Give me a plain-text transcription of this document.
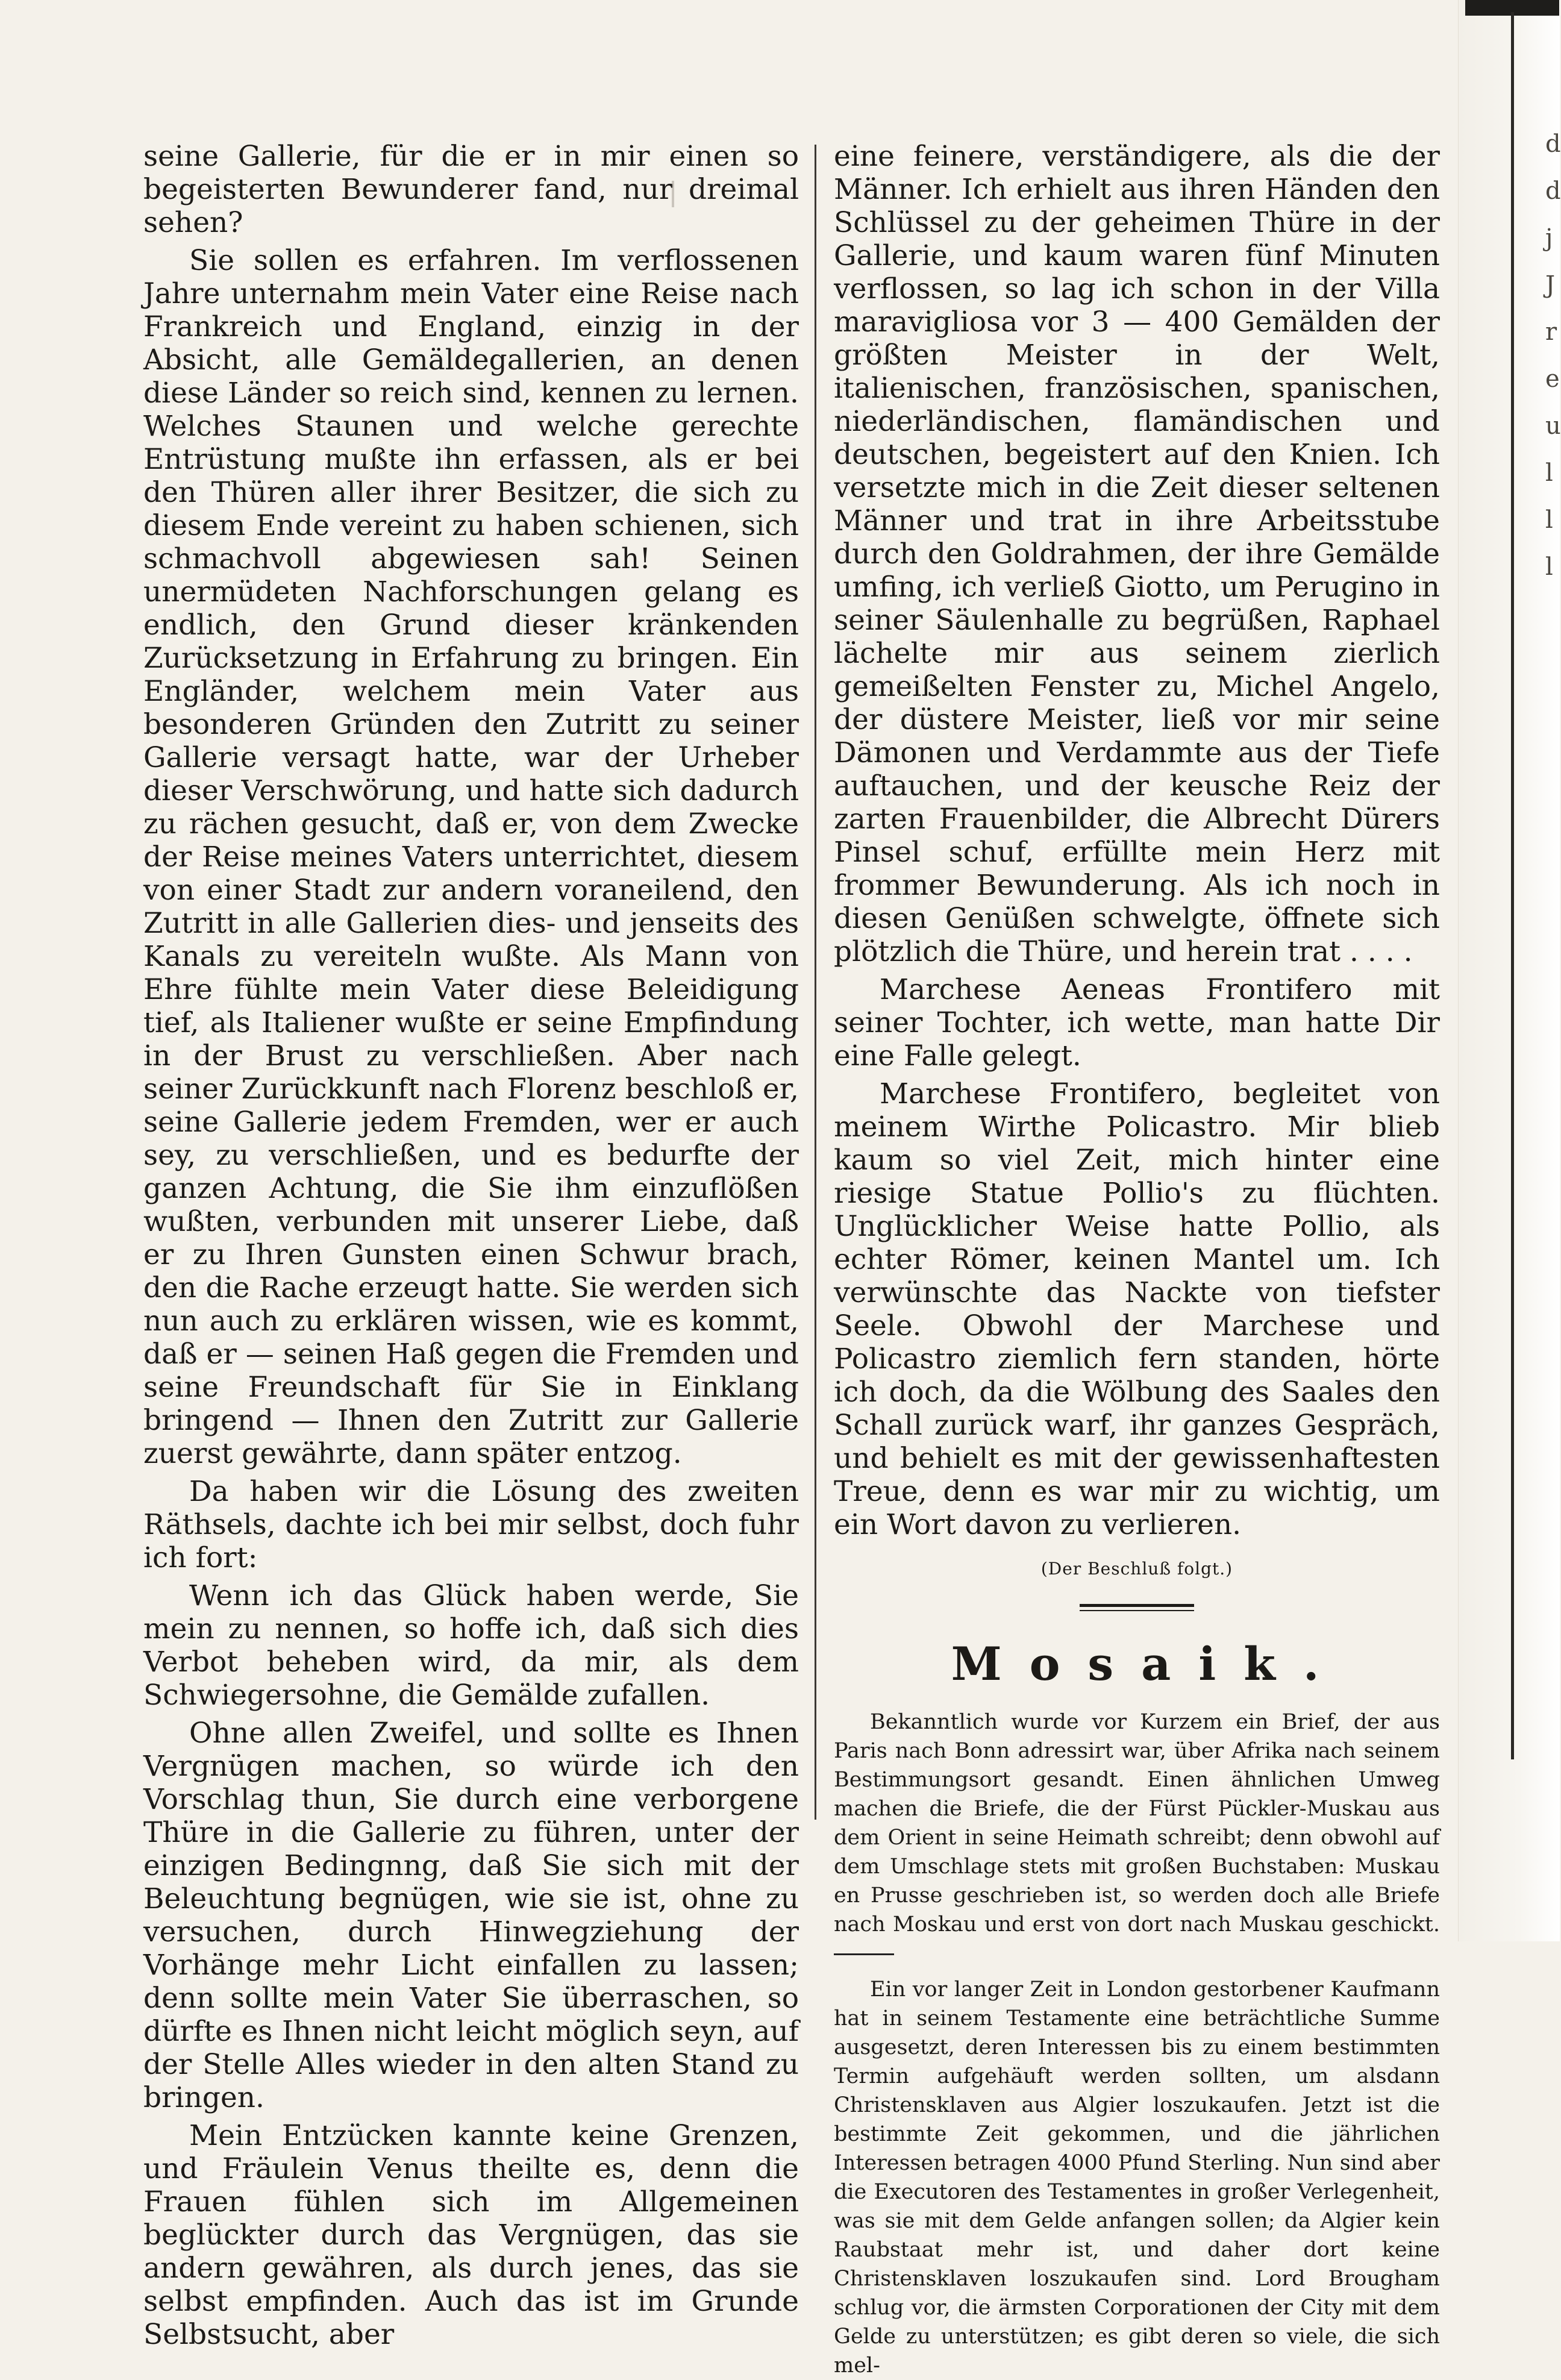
d
d
j
J
r
e
u
l
l
l

seine Gallerie, für die er in mir einen so begeisterten Bewunderer fand, nur dreimal sehen?

Sie sollen es erfahren. Im verflossenen Jahre unternahm mein Vater eine Reise nach Frankreich und England, einzig in der Absicht, alle Gemäldegallerien, an denen diese Länder so reich sind, kennen zu lernen. Welches Staunen und welche gerechte Entrüstung mußte ihn erfassen, als er bei den Thüren aller ihrer Besitzer, die sich zu diesem Ende vereint zu haben schienen, sich schmachvoll abgewiesen sah! Seinen unermüdeten Nachforschungen gelang es endlich, den Grund dieser kränkenden Zurücksetzung in Erfahrung zu bringen. Ein Engländer, welchem mein Vater aus besonderen Gründen den Zutritt zu seiner Gallerie versagt hatte, war der Urheber dieser Verschwörung, und hatte sich dadurch zu rächen gesucht, daß er, von dem Zwecke der Reise meines Vaters unterrichtet, diesem von einer Stadt zur andern voraneilend, den Zutritt in alle Gallerien dies- und jenseits des Kanals zu vereiteln wußte. Als Mann von Ehre fühlte mein Vater diese Beleidigung tief, als Italiener wußte er seine Empfindung in der Brust zu verschließen. Aber nach seiner Zurückkunft nach Florenz beschloß er, seine Gallerie jedem Fremden, wer er auch sey, zu verschließen, und es bedurfte der ganzen Achtung, die Sie ihm einzuflößen wußten, verbunden mit unserer Liebe, daß er zu Ihren Gunsten einen Schwur brach, den die Rache erzeugt hatte. Sie werden sich nun auch zu erklären wissen, wie es kommt, daß er — seinen Haß gegen die Fremden und seine Freundschaft für Sie in Einklang bringend — Ihnen den Zutritt zur Gallerie zuerst gewährte, dann später entzog.

Da haben wir die Lösung des zweiten Räthsels, dachte ich bei mir selbst, doch fuhr ich fort:

Wenn ich das Glück haben werde, Sie mein zu nennen, so hoffe ich, daß sich dies Verbot beheben wird, da mir, als dem Schwiegersohne, die Gemälde zufallen.

Ohne allen Zweifel, und sollte es Ihnen Vergnügen machen, so würde ich den Vorschlag thun, Sie durch eine verborgene Thüre in die Gallerie zu führen, unter der einzigen Bedingnng, daß Sie sich mit der Beleuchtung begnügen, wie sie ist, ohne zu versuchen, durch Hinwegziehung der Vorhänge mehr Licht einfallen zu lassen; denn sollte mein Vater Sie überraschen, so dürfte es Ihnen nicht leicht möglich seyn, auf der Stelle Alles wieder in den alten Stand zu bringen.

Mein Entzücken kannte keine Grenzen, und Fräulein Venus theilte es, denn die Frauen fühlen sich im Allgemeinen beglückter durch das Vergnügen, das sie andern gewähren, als durch jenes, das sie selbst empfinden. Auch das ist im Grunde Selbstsucht, aber

eine feinere, verständigere, als die der Männer. Ich erhielt aus ihren Händen den Schlüssel zu der geheimen Thüre in der Gallerie, und kaum waren fünf Minuten verflossen, so lag ich schon in der Villa maravigliosa vor 3 — 400 Gemälden der größten Meister in der Welt, italienischen, französischen, spanischen, niederländischen, flamändischen und deutschen, begeistert auf den Knien. Ich versetzte mich in die Zeit dieser seltenen Männer und trat in ihre Arbeitsstube durch den Goldrahmen, der ihre Gemälde umfing, ich verließ Giotto, um Perugino in seiner Säulenhalle zu begrüßen, Raphael lächelte mir aus seinem zierlich gemeißelten Fenster zu, Michel Angelo, der düstere Meister, ließ vor mir seine Dämonen und Verdammte aus der Tiefe auftauchen, und der keusche Reiz der zarten Frauenbilder, die Albrecht Dürers Pinsel schuf, erfüllte mein Herz mit frommer Bewunderung. Als ich noch in diesen Genüßen schwelgte, öffnete sich plötzlich die Thüre, und herein trat . . . .

Marchese Aeneas Frontifero mit seiner Tochter, ich wette, man hatte Dir eine Falle gelegt.

Marchese Frontifero, begleitet von meinem Wirthe Policastro. Mir blieb kaum so viel Zeit, mich hinter eine riesige Statue Pollio's zu flüchten. Unglücklicher Weise hatte Pollio, als echter Römer, keinen Mantel um. Ich verwünschte das Nackte von tiefster Seele. Obwohl der Marchese und Policastro ziemlich fern standen, hörte ich doch, da die Wölbung des Saales den Schall zurück warf, ihr ganzes Gespräch, und behielt es mit der gewissenhaftesten Treue, denn es war mir zu wichtig, um ein Wort davon zu verlieren.

(Der Beschluß folgt.)
Mosaik.

Bekanntlich wurde vor Kurzem ein Brief, der aus Paris nach Bonn adressirt war, über Afrika nach seinem Bestimmungsort gesandt. Einen ähnlichen Umweg machen die Briefe, die der Fürst Pückler-Muskau aus dem Orient in seine Heimath schreibt; denn obwohl auf dem Umschlage stets mit großen Buchstaben: Muskau en Prusse geschrieben ist, so werden doch alle Briefe nach Moskau und erst von dort nach Muskau geschickt.

Ein vor langer Zeit in London gestorbener Kaufmann hat in seinem Testamente eine beträchtliche Summe ausgesetzt, deren Interessen bis zu einem bestimmten Termin aufgehäuft werden sollten, um alsdann Christensklaven aus Algier loszukaufen. Jetzt ist die bestimmte Zeit gekommen, und die jährlichen Interessen betragen 4000 Pfund Sterling. Nun sind aber die Executoren des Testamentes in großer Verlegenheit, was sie mit dem Gelde anfangen sollen; da Algier kein Raubstaat mehr ist, und daher dort keine Christensklaven loszukaufen sind. Lord Brougham schlug vor, die ärmsten Corporationen der City mit dem Gelde zu unterstützen; es gibt deren so viele, die sich mel-
